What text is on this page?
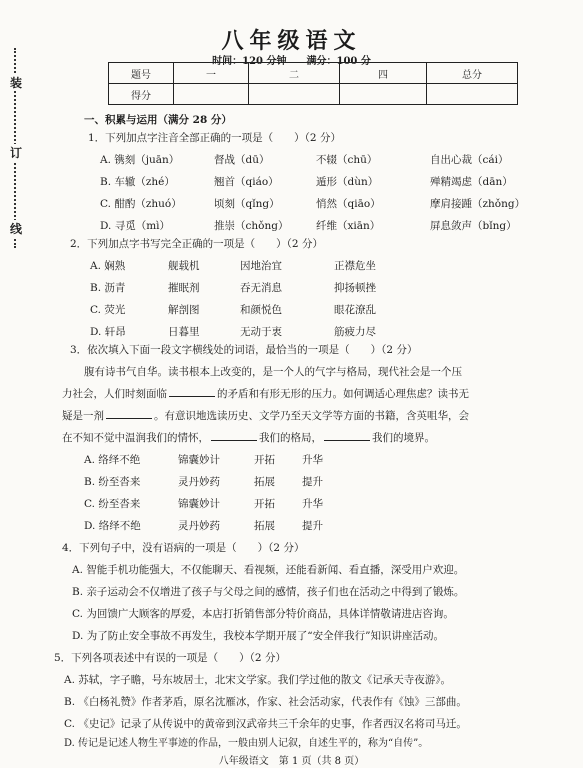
装
订
线
八年级语文
时间：120 分钟　　满分：100 分
题号	一	二	四	总分
得分				
一、积累与运用（满分 28 分）
1．下列加点字注音全部正确的一项是（　　）（2 分）
A. 镌刻（juān）	督战（dū）	不辍（chū）	自出心裁（cái）
B. 车辙（zhé）	翘首（qiáo）	遁形（dùn）	殚精竭虑（dān）
C. 酣酌（zhuó）	顷刻（qǐng）	悄然（qiāo）	摩肩接踵（zhǒng）
D. 寻觅（mì）	推崇（chǒng）	纤维（xiān）	屏息敛声（bǐng）
2．下列加点字书写完全正确的一项是（　　）（2 分）
A. 娴熟	舰载机	因地治宜	正襟危坐
B. 沥青	摧眠剂	吞无消息	抑扬顿挫
C. 荧光	解剖图	和颜悦色	眼花潦乱
D. 轩昂	日暮里	无动于衷	筋疲力尽
3．依次填入下面一段文字横线处的词语，最恰当的一项是（　　）（2 分）
腹有诗书气自华。读书根本上改变的，是一个人的气字与格局，现代社会是一个压
力社会，人们时刻面临	的矛盾和有形无形的压力。如何调适心理焦虑？读书无
疑是一剂	。有意识地选读历史、文学乃至天文学等方面的书籍，含英咀华，会
在不知不觉中温润我们的情怀，	我们的格局，	我们的境界。
A. 络绎不绝	锦囊妙计	开拓	升华
B. 纷至沓来	灵丹妙药	拓展	提升
C. 纷至沓来	锦囊妙计	开拓	升华
D. 络绎不绝	灵丹妙药	拓展	提升
4．下列句子中，没有语病的一项是（　　）（2 分）
A. 智能手机功能强大，不仅能聊天、看视频，还能看新闻、看直播，深受用户欢迎。
B. 亲子运动会不仅增进了孩子与父母之间的感情，孩子们也在活动之中得到了锻炼。
C. 为回馈广大顾客的厚爱，本店打折销售部分特价商品，具体详情敬请进店咨询。
D. 为了防止安全事故不再发生，我校本学期开展了“安全伴我行”知识讲座活动。
5．下列各项表述中有误的一项是（　　）（2 分）
A. 苏轼，字子瞻，号东坡居士，北宋文学家。我们学过他的散文《记承天寺夜游》。
B. 《白杨礼赞》作者茅盾，原名沈雁冰，作家、社会活动家，代表作有《蚀》三部曲。
C. 《史记》记录了从传说中的黄帝到汉武帝共三千余年的史事，作者西汉名将司马迁。
D. 传记是记述人物生平事迹的作品，一般由别人记叙，自述生平的，称为“自传”。
八年级语文　第 1 页（共 8 页）
